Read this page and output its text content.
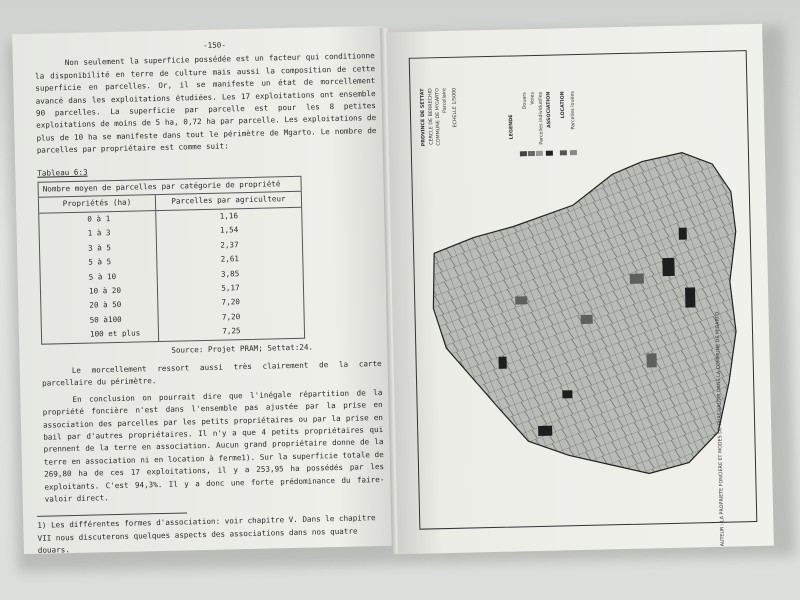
-150-

Non seulement la superficie possédée est un facteur qui conditionne la disponibilité en terre de culture mais aussi la composition de cette superficie en parcelles. Or, il se manifeste un état de morcellement avancé dans les exploitations étudiées. Les 17 exploitations ont ensemble 90 parcelles. La superficie par parcelle est pour les 8 petites exploitations de moins de 5 ha, 0,72 ha par parcelle. Les exploitations de plus de 10 ha se manifeste dans tout le périmètre de Mgarto. Le nombre de parcelles par propriétaire est comme suit:

Tableau 6:3
Nombre moyen de parcelles par catégorie de propriété
Propriétés (ha)	Parcelles par agriculteur
0 à 1	1,16
1 à 3	1,54
3 à 5	2,37
5 à 5	2,61
5 à 10	3,85
10 à 20	5,17
20 à 50	7,20
50 à100	7,20
100 et plus	7,25
Source: Projet PRAM; Settat:24.

Le morcellement ressort aussi très clairement de la carte parcellaire du périmètre.

En conclusion on pourrait dire que l'inégale répartition de la propriété foncière n'est dans l'ensemble pas ajustée par la prise en association des parcelles par les petits propriétaires ou par la prise en bail par d'autres propriétaires. Il n'y a que 4 petits propriétaires qui prennent de la terre en association. Aucun grand propriétaire donne de la terre en association ni en location à ferme1). Sur la superficie totale de 269,80 ha de ces 17 exploitations, il y a 253,95 ha possédés par les exploitants. C'est 94,3%. Il y a donc une forte prédominance du faire-valoir direct.

1) Les différentes formes d'association: voir chapitre V. Dans le chapitre VII nous discuterons quelques aspects des associations dans nos quatre douars.
PROVINCE DE SETTAT CERCLE DE BERRECHID COMMUNE DE M'GARTO Parcellaire ECHELLE 1/5000	LEGENDE
Douars Voies Parcelles individuelles ASSOCIATION LOCATION Parcelles louées
AUTEUR : LA PROPRIETE FONCIERE ET MODES DE FAIRE-VALOIR DANS LA COMMUNE DE M'GARTO
